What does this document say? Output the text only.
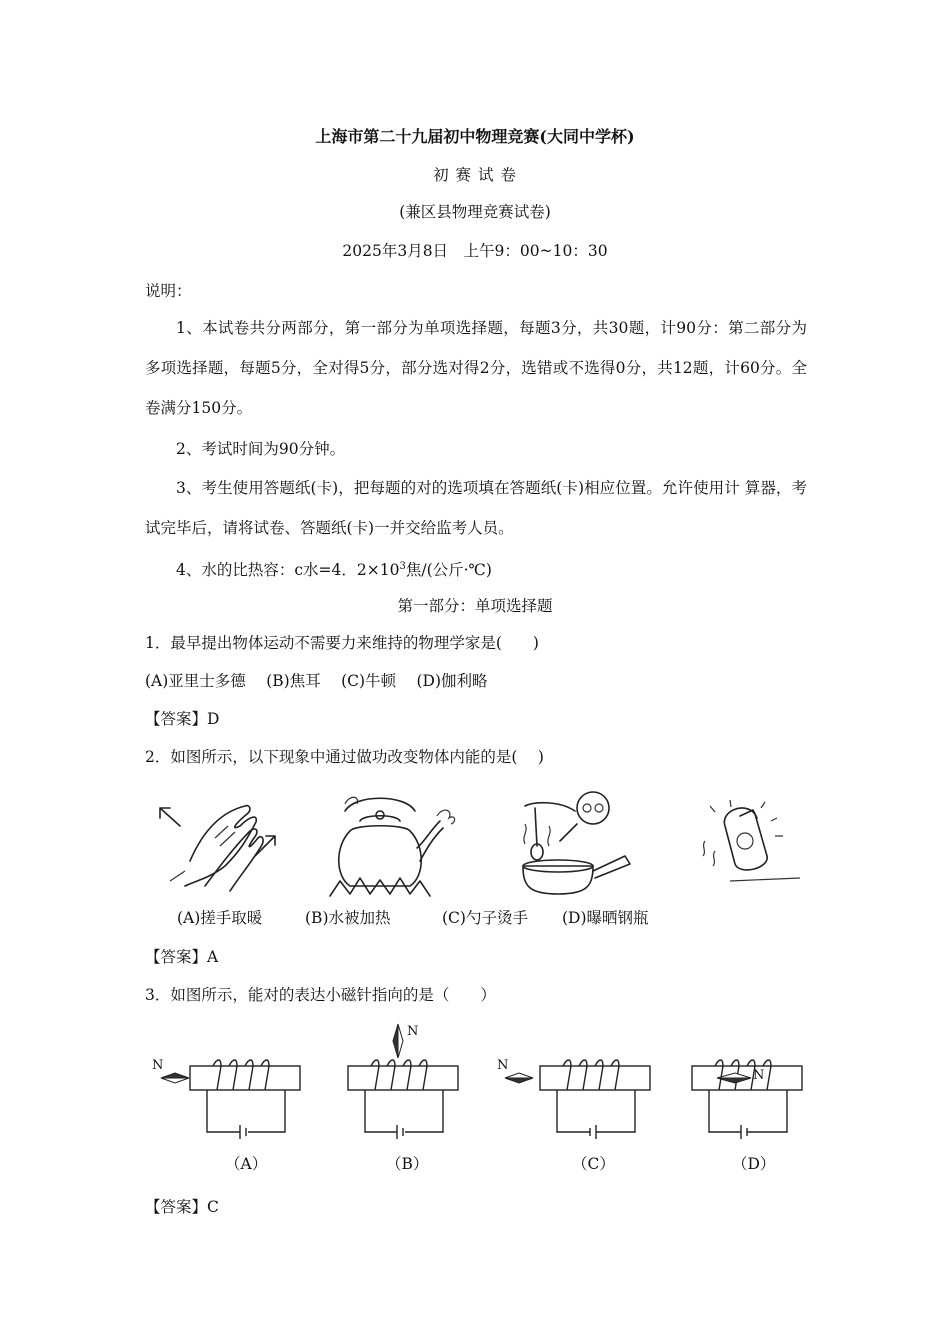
上海市第二十九届初中物理竞赛(大同中学杯)
初 赛 试 卷
(兼区县物理竞赛试卷)
2025年3月8日　上午9：00~10：30
说明：
1、本试卷共分两部分，第一部分为单项选择题，每题3分，共30题，计90分：第二部分为多项选择题，每题5分，全对得5分，部分选对得2分，选错或不选得0分，共12题，计60分。全卷满分150分。
2、考试时间为90分钟。
3、考生使用答题纸(卡)，把每题的对的选项填在答题纸(卡)相应位置。允许使用计 算器，考试完毕后，请将试卷、答题纸(卡)一并交给监考人员。
4、水的比热容：c水=4．$2\times 10^3$焦/(公斤·℃)
第一部分：单项选择题
1．最早提出物体运动不需要力来维持的物理学家是(　　)
(A)亚里士多德　 (B)焦耳　 (C)牛顿　 (D)伽利略
【答案】D
2．如图所示，以下现象中通过做功改变物体内能的是(　 )
(A)搓手取暖	(B)水被加热	(C)勺子烫手 (D)曝晒钢瓶
【答案】A
3．如图所示，能对的表达小磁针指向的是（　　）
N
N
N
N
（A）	（B）	（C）	（D）
【答案】C
